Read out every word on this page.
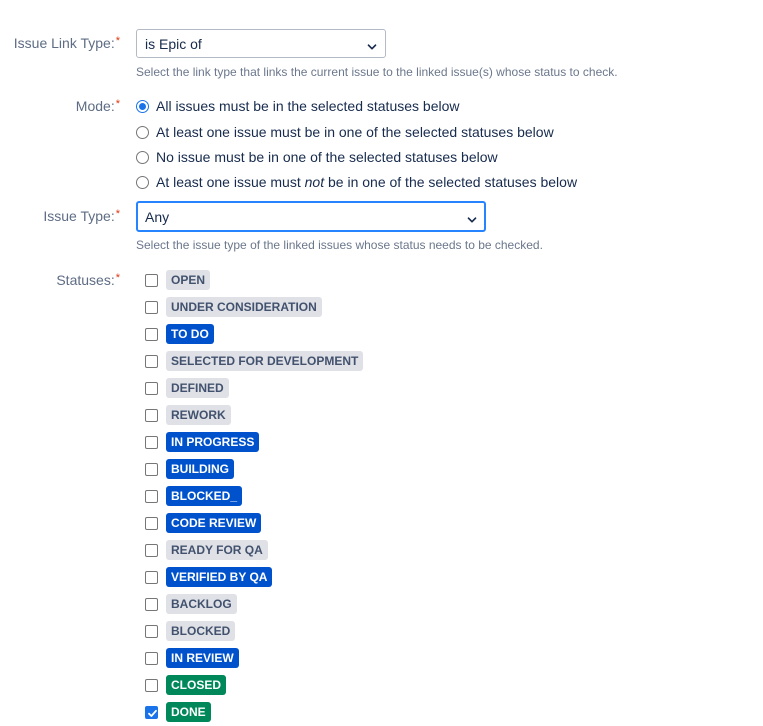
Issue Link Type:* is Epic of
Select the link type that links the current issue to the linked issue(s) whose status to check.
Mode:*	All issues must be in the selected statuses below
At least one issue must be in one of the selected statuses below
No issue must be in one of the selected statuses below
At least one issue must not be in one of the selected statuses below
Issue Type:* Any
Select the issue type of the linked issues whose status needs to be checked.
Statuses:*	OPEN
UNDER CONSIDERATION
TO DO
SELECTED FOR DEVELOPMENT
DEFINED
REWORK
IN PROGRESS
BUILDING
BLOCKED_
CODE REVIEW
READY FOR QA
VERIFIED BY QA
BACKLOG
BLOCKED
IN REVIEW
CLOSED
DONE
